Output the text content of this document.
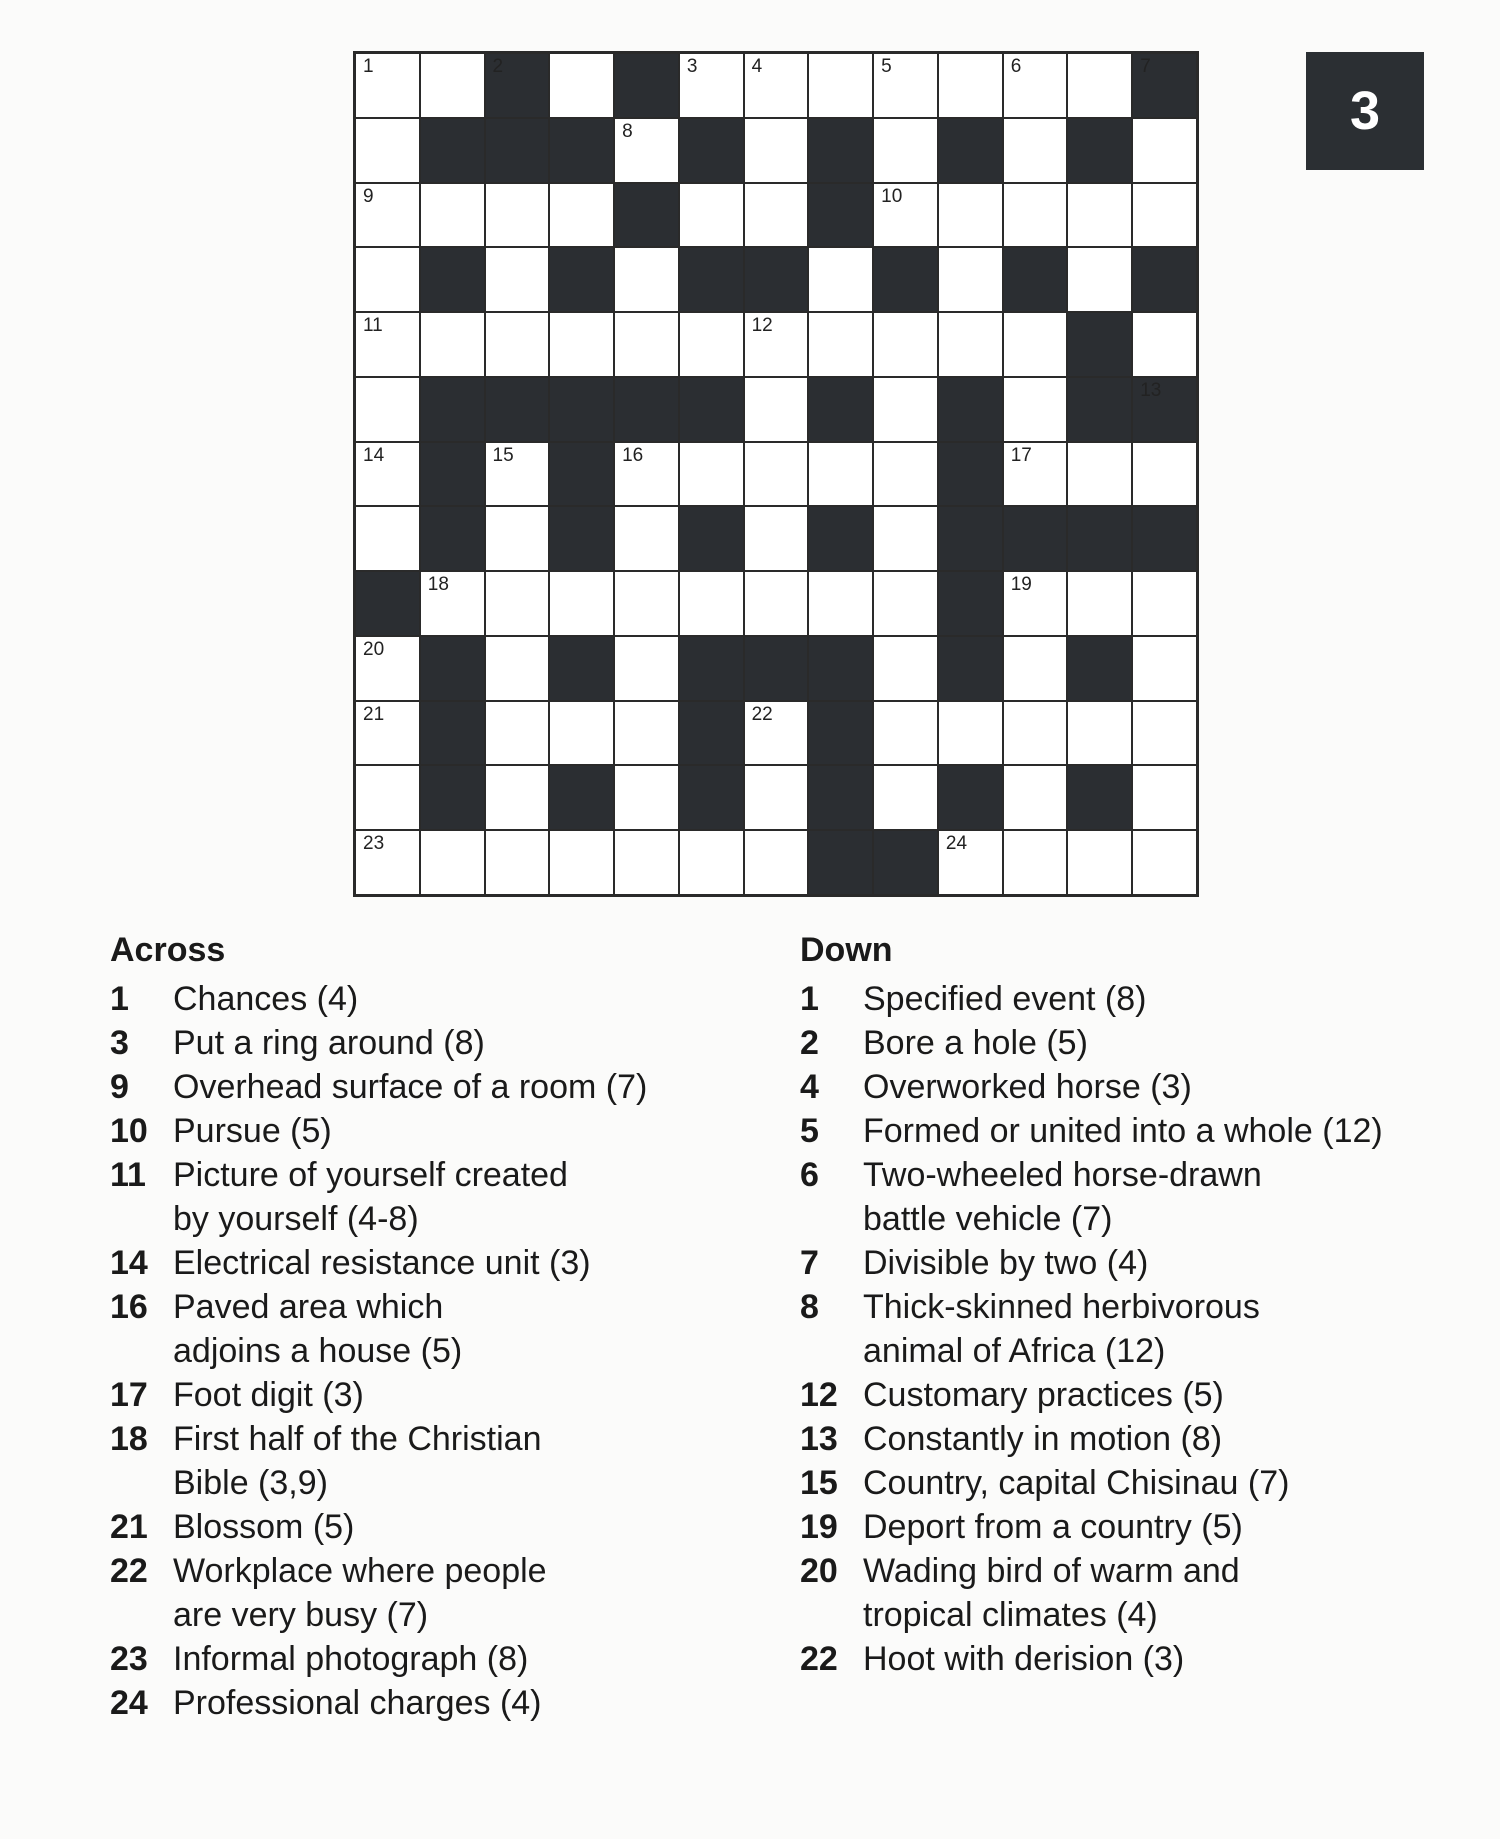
1	2	3	4	5	6	7
8
9	10
11	12
13
14	15	16	17
18	19
20
21	22
23	24
3
Across
1	Chances (4)
3	Put a ring around (8)
9	Overhead surface of a room (7)
10 Pursue (5)
11 Picture of yourself created
by yourself (4-8)
14 Electrical resistance unit (3)
16 Paved area which
adjoins a house (5)
17 Foot digit (3)
18 First half of the Christian
Bible (3,9)
21 Blossom (5)
22 Workplace where people
are very busy (7)
23 Informal photograph (8)
24 Professional charges (4)
Down
1	Specified event (8)
2	Bore a hole (5)
4	Overworked horse (3)
5	Formed or united into a whole (12)
6	Two-wheeled horse-drawn
battle vehicle (7)
7	Divisible by two (4)
8	Thick-skinned herbivorous
animal of Africa (12)
12 Customary practices (5)
13 Constantly in motion (8)
15 Country, capital Chisinau (7)
19 Deport from a country (5)
20 Wading bird of warm and
tropical climates (4)
22 Hoot with derision (3)
